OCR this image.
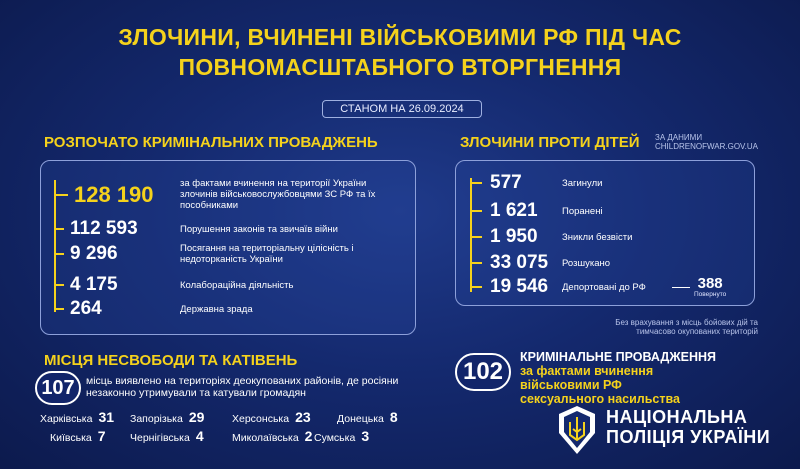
ЗЛОЧИНИ, ВЧИНЕНІ ВІЙСЬКОВИМИ РФ ПІД ЧАС
ПОВНОМАСШТАБНОГО ВТОРГНЕННЯ
СТАНОМ НА 26.09.2024
РОЗПОЧАТО КРИМІНАЛЬНИХ ПРОВАДЖЕНЬ
128 190	за фактами вчинення на території України злочинів військовослужбовцями ЗС РФ та їх пособниками
112 593	Порушення законів та звичаїв війни
9 296	Посягання на територіальну цілісність і недоторканість України
4 175	Колабораційна діяльність
264	Державна зрада
ЗЛОЧИНИ ПРОТИ ДІТЕЙ ЗА ДАНИМИ CHILDRENOFWAR.GOV.UA
577	Загинули
1 621	Поранені
1 950	Зникли безвісти
33 075	Розшукано
19 546	Депортовані до РФ	388
Повернуто
Без врахування з місць бойових дій та тимчасово окупованих територій
МІСЦЯ НЕСВОБОДИ ТА КАТІВЕНЬ
107 місць виявлено на територіях деокупованих районів, де росіяни незаконно утримували та катували громадян
Харківська 31 Запорізька 29	Херсонська 23	Донецька 8
Київська 7 Чернігівська 4	Миколаївська 2 Сумська 3
102
КРИМІНАЛЬНЕ ПРОВАДЖЕННЯ
за фактами вчинення
військовими РФ
сексуального насильства
НАЦІОНАЛЬНА
ПОЛІЦІЯ УКРАЇНИ
